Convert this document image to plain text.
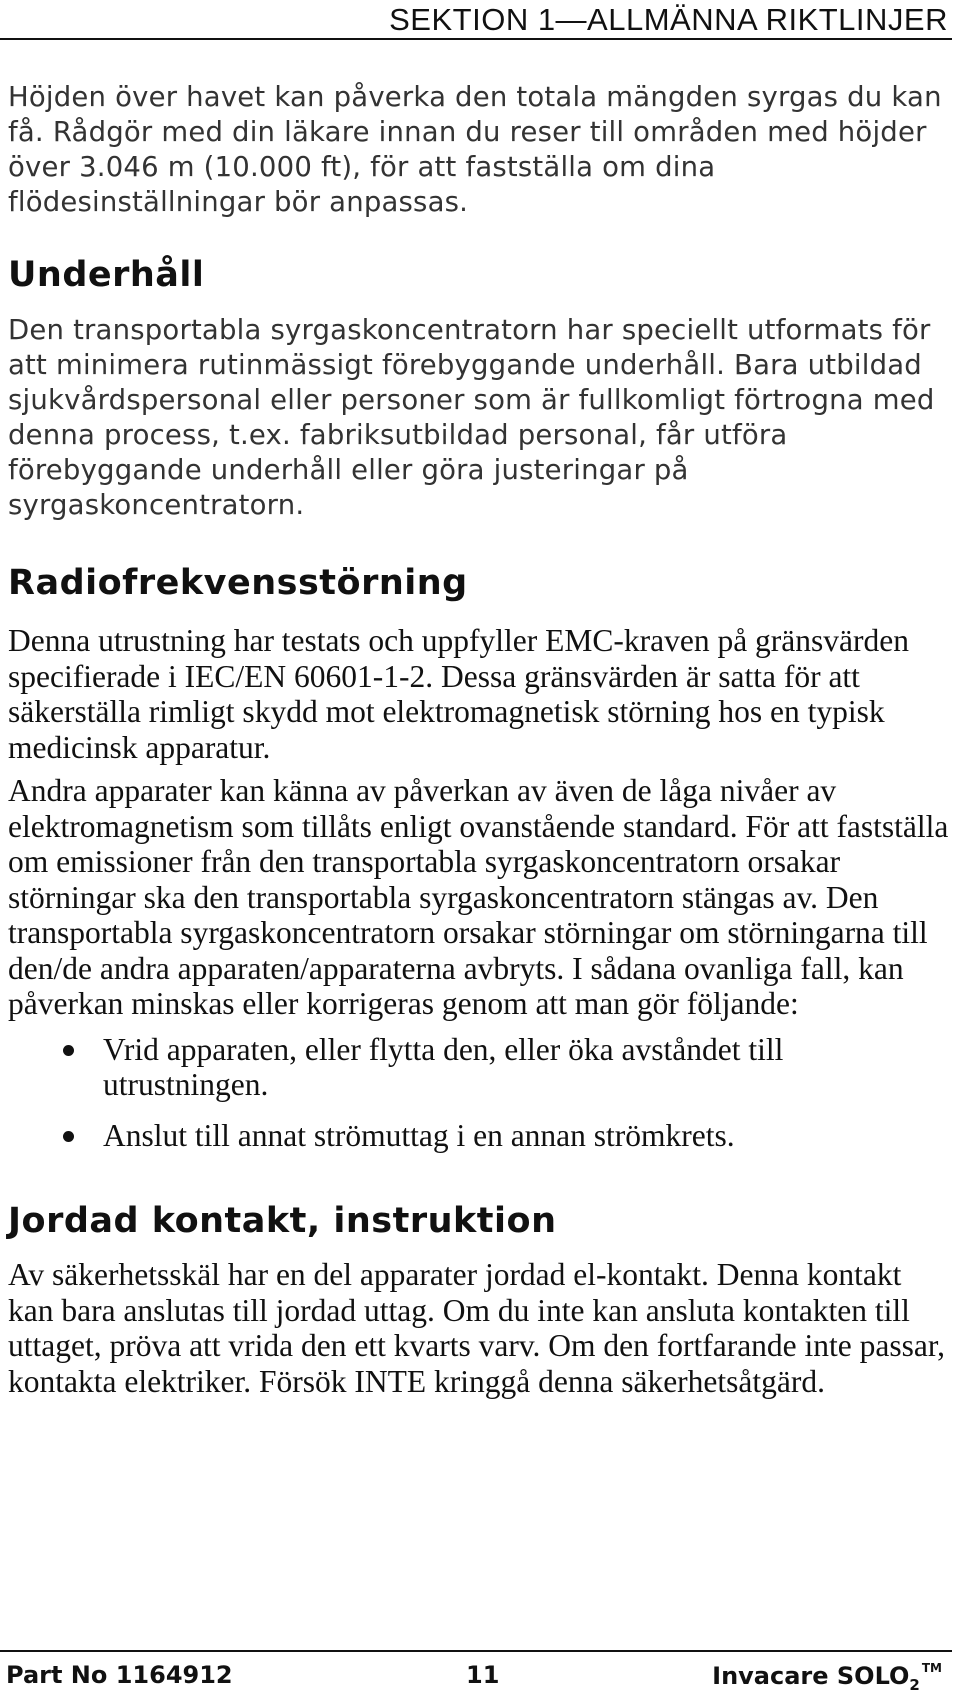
SEKTION 1—ALLMÄNNA RIKTLINJER

Höjden över havet kan påverka den totala mängden syrgas du kan få. Rådgör med din läkare innan du reser till områden med höjder över 3.046 m (10.000 ft), för att fastställa om dina flödesinställningar bör anpassas.

Underhåll

Den transportabla syrgaskoncentratorn har speciellt utformats för att minimera rutinmässigt förebyggande underhåll. Bara utbildad sjukvårdspersonal eller personer som är fullkomligt förtrogna med denna process, t.ex. fabriksutbildad personal, får utföra förebyggande underhåll eller göra justeringar på syrgaskoncentratorn.

Radiofrekvensstörning

Denna utrustning har testats och uppfyller EMC-kraven på gränsvärden specifierade i IEC/EN 60601-1-2. Dessa gränsvärden är satta för att säkerställa rimligt skydd mot elektromagnetisk störning hos en typisk medicinsk apparatur.

Andra apparater kan känna av påverkan av även de låga nivåer av elektromagnetism som tillåts enligt ovanstående standard. För att fastställa om emissioner från den transportabla syrgaskoncentratorn orsakar störningar ska den transportabla syrgaskoncentratorn stängas av. Den transportabla syrgaskoncentratorn orsakar störningar om störningarna till den/de andra apparaten/apparaterna avbryts. I sådana ovanliga fall, kan påverkan minskas eller korrigeras genom att man gör följande:

Vrid apparaten, eller flytta den, eller öka avståndet till utrustningen.
Anslut till annat strömuttag i en annan strömkrets.
Jordad kontakt, instruktion

Av säkerhetsskäl har en del apparater jordad el-kontakt. Denna kontakt kan bara anslutas till jordad uttag. Om du inte kan ansluta kontakten till uttaget, pröva att vrida den ett kvarts varv. Om den fortfarande inte passar, kontakta elektriker. Försök INTE kringgå denna säkerhetsåtgärd.

Part No 1164912	11	Invacare $SOLO_2™$
